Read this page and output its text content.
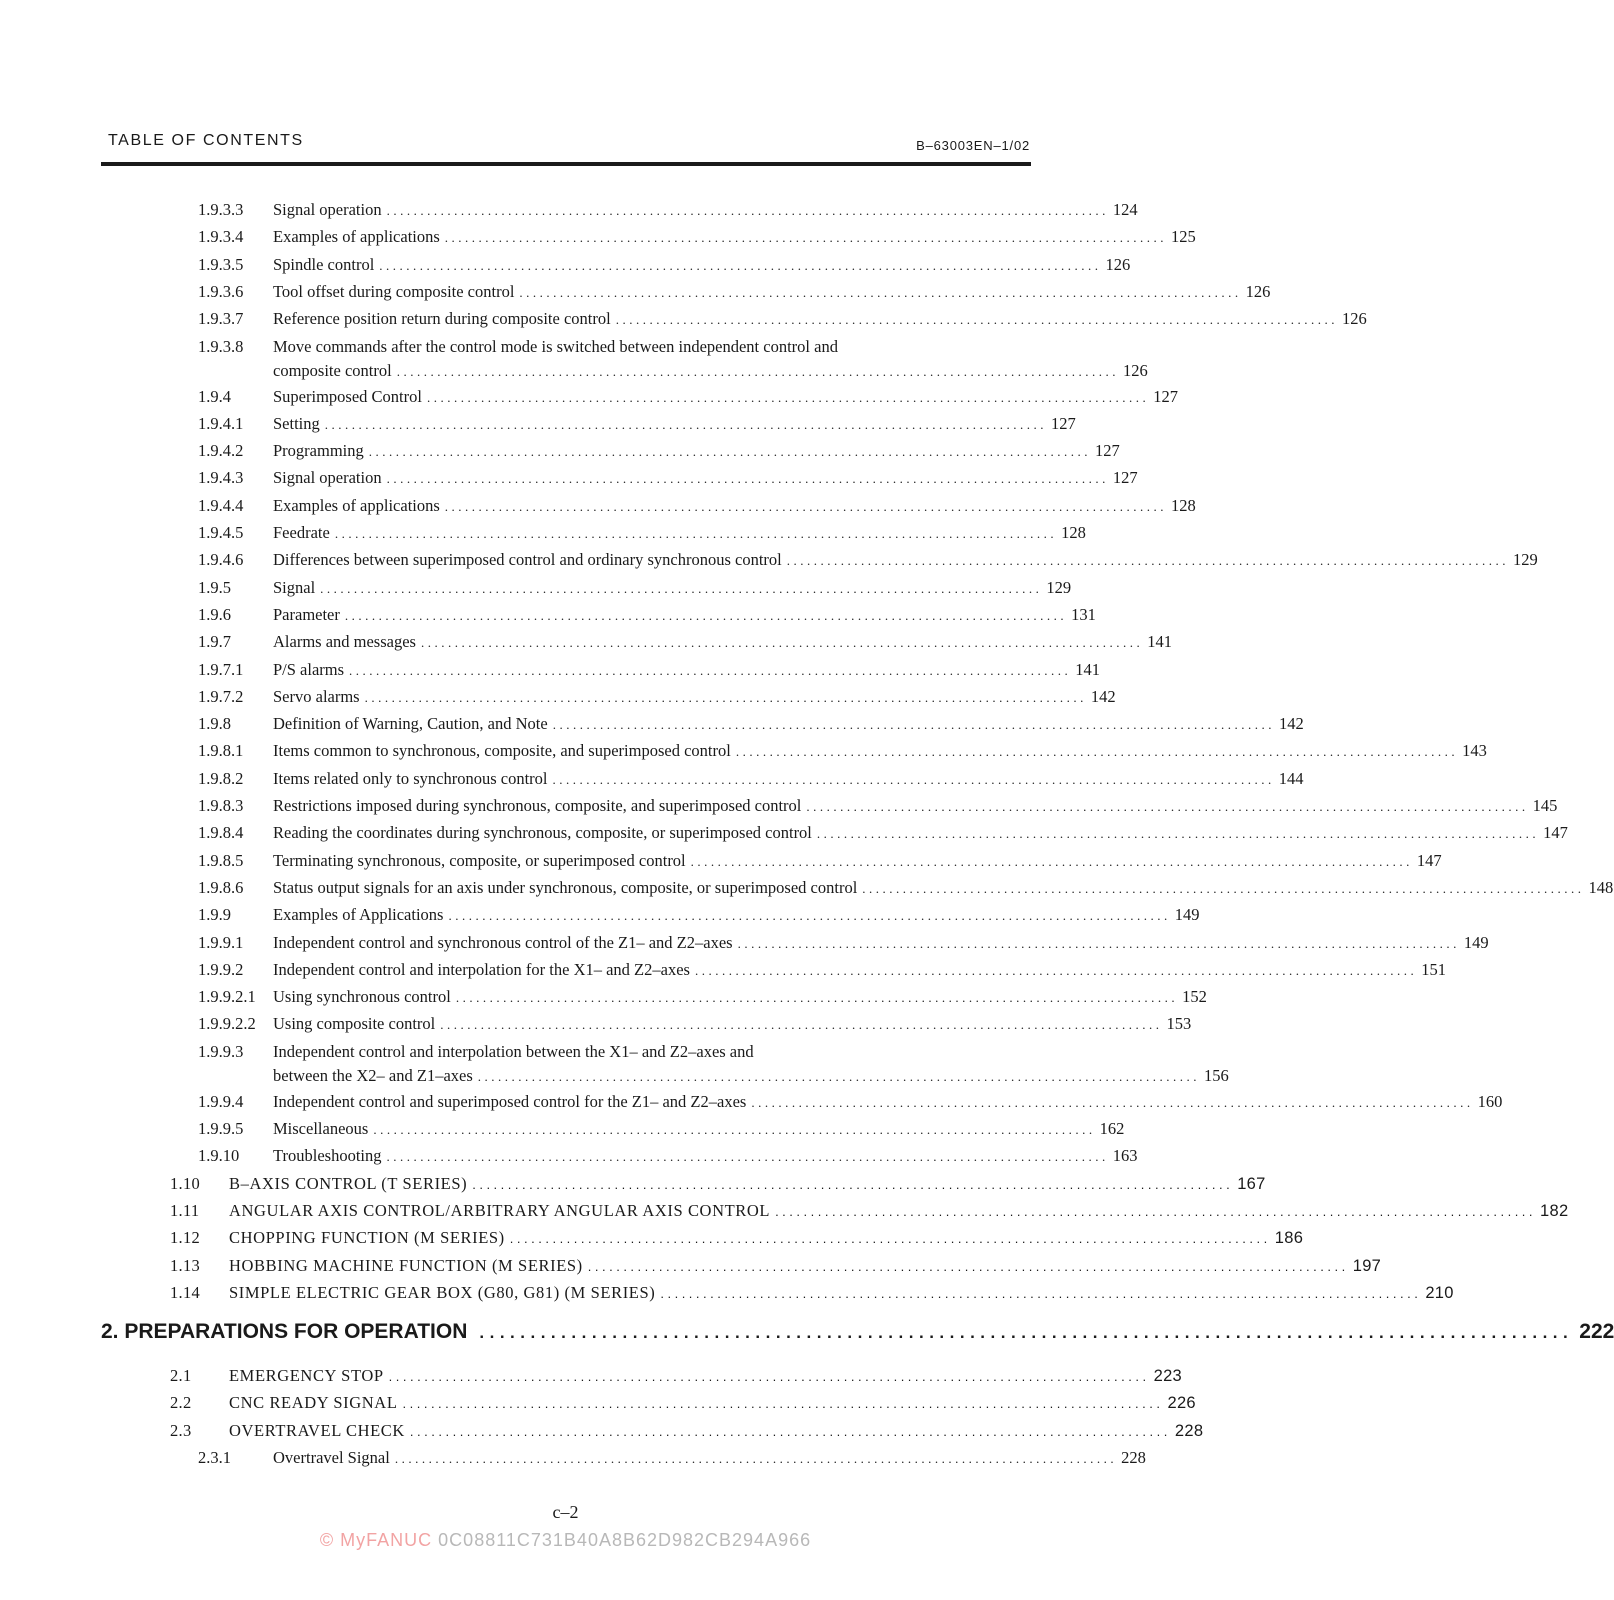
TABLE OF CONTENTS	B–63003EN–1/02
1.9.3.3 Signal operation ........................................................................................................... 124
1.9.3.4 Examples of applications ........................................................................................................... 125
1.9.3.5 Spindle control ........................................................................................................... 126
1.9.3.6 Tool offset during composite control ........................................................................................................... 126
1.9.3.7 Reference position return during composite control ........................................................................................................... 126
1.9.3.8 Move commands after the control mode is switched between independent control and
composite control ........................................................................................................... 126
1.9.4	Superimposed Control ........................................................................................................... 127
1.9.4.1 Setting ........................................................................................................... 127
1.9.4.2 Programming ........................................................................................................... 127
1.9.4.3 Signal operation ........................................................................................................... 127
1.9.4.4 Examples of applications ........................................................................................................... 128
1.9.4.5 Feedrate ........................................................................................................... 128
1.9.4.6 Differences between superimposed control and ordinary synchronous control ........................................................................................................... 129
1.9.5	Signal ........................................................................................................... 129
1.9.6	Parameter ........................................................................................................... 131
1.9.7	Alarms and messages ........................................................................................................... 141
1.9.7.1 P/S alarms ........................................................................................................... 141
1.9.7.2 Servo alarms ........................................................................................................... 142
1.9.8	Definition of Warning, Caution, and Note ........................................................................................................... 142
1.9.8.1 Items common to synchronous, composite, and superimposed control ........................................................................................................... 143
1.9.8.2 Items related only to synchronous control ........................................................................................................... 144
1.9.8.3 Restrictions imposed during synchronous, composite, and superimposed control ........................................................................................................... 145
1.9.8.4 Reading the coordinates during synchronous, composite, or superimposed control ........................................................................................................... 147
1.9.8.5 Terminating synchronous, composite, or superimposed control ........................................................................................................... 147
1.9.8.6 Status output signals for an axis under synchronous, composite, or superimposed control ........................................................................................................... 148
1.9.9	Examples of Applications ........................................................................................................... 149
1.9.9.1 Independent control and synchronous control of the Z1– and Z2–axes ........................................................................................................... 149
1.9.9.2 Independent control and interpolation for the X1– and Z2–axes ........................................................................................................... 151
1.9.9.2.1 Using synchronous control ........................................................................................................... 152
1.9.9.2.2 Using composite control ........................................................................................................... 153
1.9.9.3 Independent control and interpolation between the X1– and Z2–axes and
between the X2– and Z1–axes ........................................................................................................... 156
1.9.9.4 Independent control and superimposed control for the Z1– and Z2–axes ........................................................................................................... 160
1.9.9.5 Miscellaneous ........................................................................................................... 162
1.9.10 Troubleshooting ........................................................................................................... 163
1.10 B–AXIS CONTROL (T SERIES) ........................................................................................................... 167
1.11 ANGULAR AXIS CONTROL/ARBITRARY ANGULAR AXIS CONTROL ........................................................................................................... 182
1.12 CHOPPING FUNCTION (M SERIES) ........................................................................................................... 186
1.13 HOBBING MACHINE FUNCTION (M SERIES) ........................................................................................................... 197
1.14 SIMPLE ELECTRIC GEAR BOX (G80, G81) (M SERIES) ........................................................................................................... 210
2. PREPARATIONS FOR OPERATION ........................................................................................................... 222
2.1 EMERGENCY STOP ........................................................................................................... 223
2.2 CNC READY SIGNAL ........................................................................................................... 226
2.3 OVERTRAVEL CHECK ........................................................................................................... 228
2.3.1	Overtravel Signal ........................................................................................................... 228
c–2
© MyFANUC 0C08811C731B40A8B62D982CB294A966
